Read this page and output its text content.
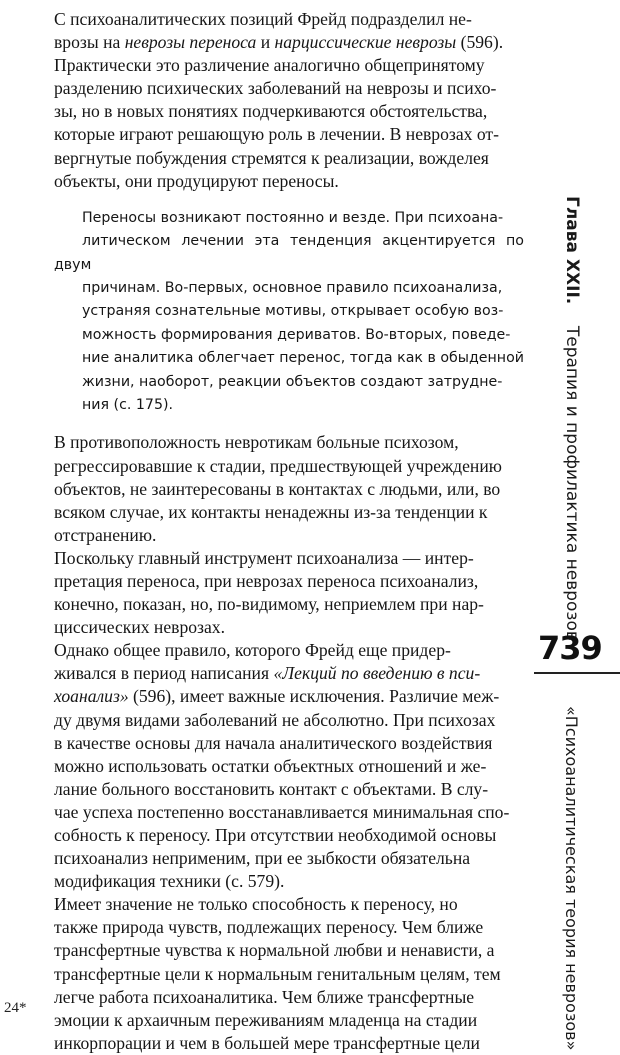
С психоаналитических позиций Фрейд подразделил не-
врозы на неврозы переноса и нарциссические неврозы (596).
Практически это различение аналогично общепринятому
разделению психических заболеваний на неврозы и психо-
зы, но в новых понятиях подчеркиваются обстоятельства,
которые играют решающую роль в лечении. В неврозах от-
вергнутые побуждения стремятся к реализации, вожделея
объекты, они продуцируют переносы.

Переносы возникают постоянно и везде. При психоана-
литическом лечении эта тенденция акцентируется по двум
причинам. Во-первых, основное правило психоанализа,
устраняя сознательные мотивы, открывает особую воз-
можность формирования дериватов. Во-вторых, поведе-
ние аналитика облегчает перенос, тогда как в обыденной
жизни, наоборот, реакции объектов создают затрудне-
ния (с. 175).

В противоположность невротикам больные психозом,
регрессировавшие к стадии, предшествующей учреждению
объектов, не заинтересованы в контактах с людьми, или, во
всяком случае, их контакты ненадежны из-за тенденции к
отстранению.

Поскольку главный инструмент психоанализа — интер-
претация переноса, при неврозах переноса психоанализ,
конечно, показан, но, по-видимому, неприемлем при нар-
циссических неврозах.

Однако общее правило, которого Фрейд еще придер-
живался в период написания «Лекций по введению в пси-
хоанализ» (596), имеет важные исключения. Различие меж-
ду двумя видами заболеваний не абсолютно. При психозах
в качестве основы для начала аналитического воздействия
можно использовать остатки объектных отношений и же-
лание больного восстановить контакт с объектами. В слу-
чае успеха постепенно восстанавливается минимальная спо-
собность к переносу. При отсутствии необходимой основы
психоанализ неприменим, при ее зыбкости обязательна
модификация техники (с. 579).

Имеет значение не только способность к переносу, но
также природа чувств, подлежащих переносу. Чем ближе
трансфертные чувства к нормальной любви и ненависти, а
трансфертные цели к нормальным генитальным целям, тем
легче работа психоаналитика. Чем ближе трансфертные
эмоции к архаичным переживаниям младенца на стадии
инкорпорации и чем в большей мере трансфертные цели

24*
Глава XXII.    Терапия и профилактика неврозов
739
«Психоаналитическая теория неврозов»
